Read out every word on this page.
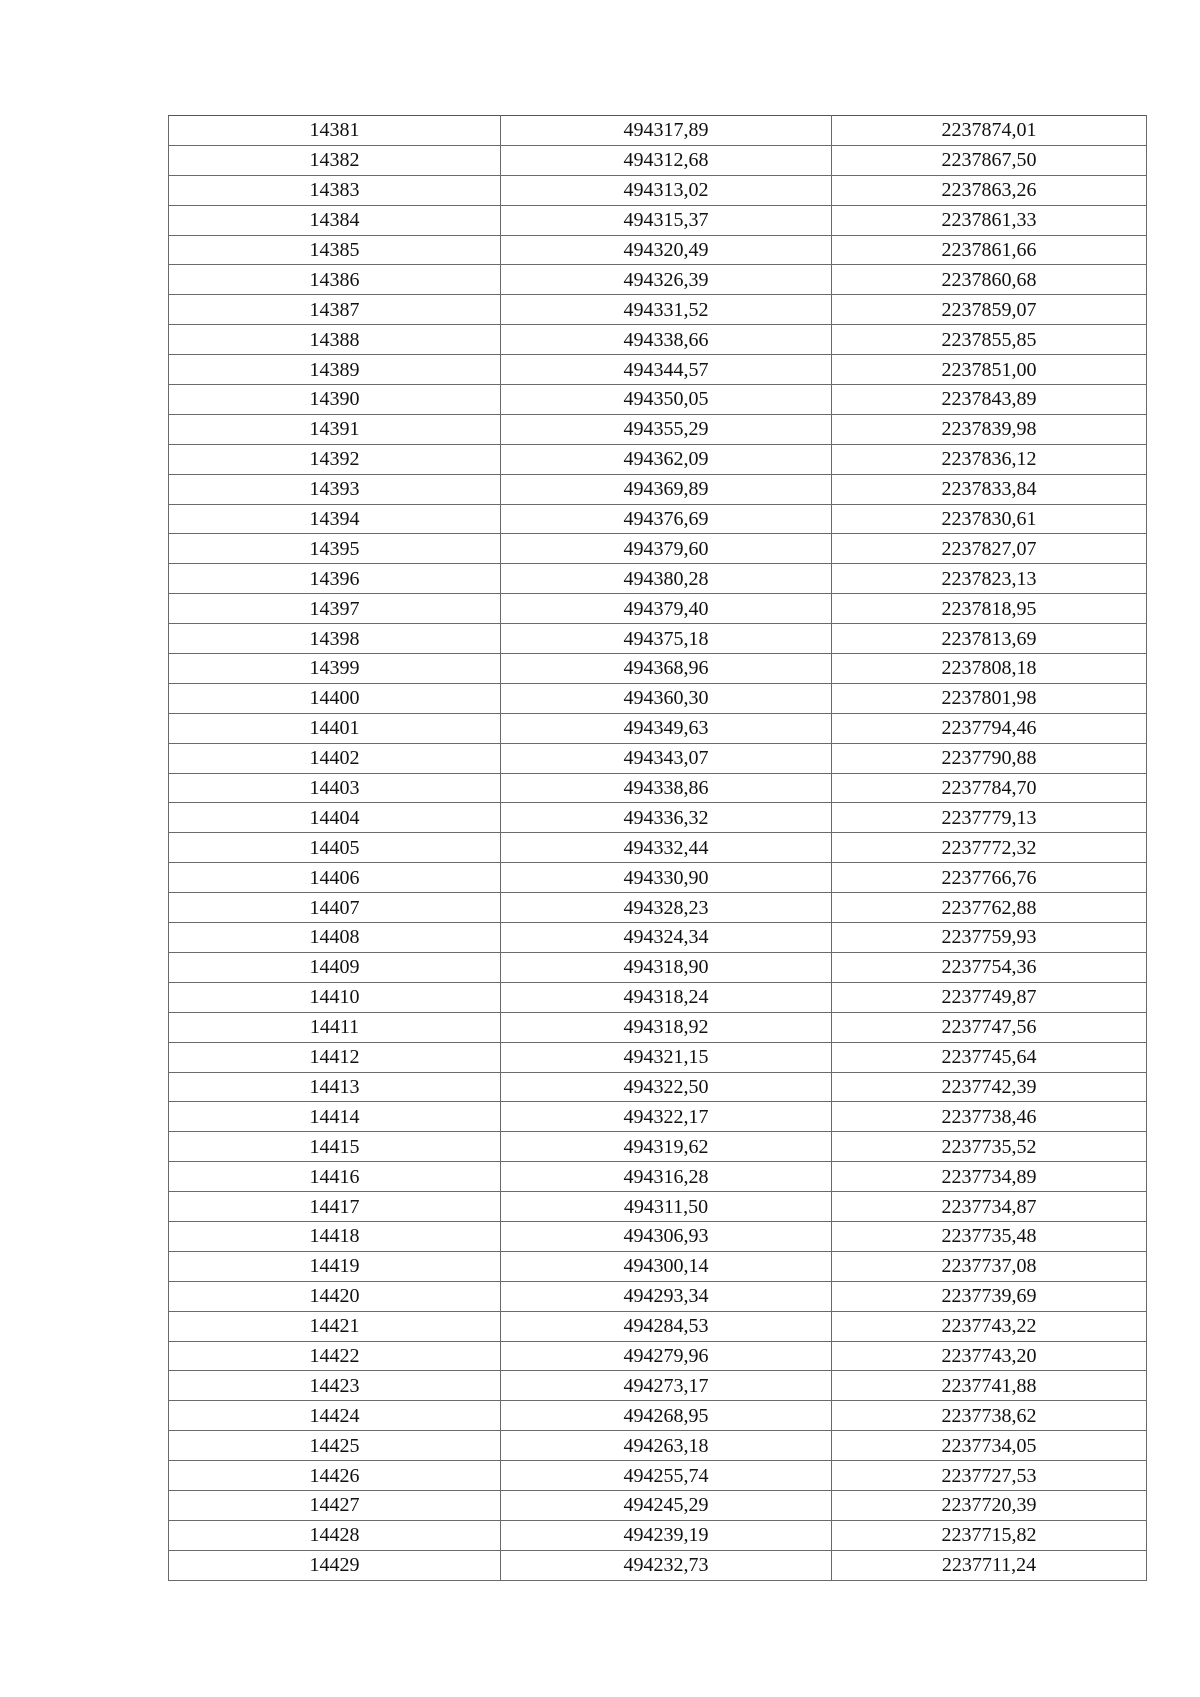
14381	494317,89	2237874,01
14382	494312,68	2237867,50
14383	494313,02	2237863,26
14384	494315,37	2237861,33
14385	494320,49	2237861,66
14386	494326,39	2237860,68
14387	494331,52	2237859,07
14388	494338,66	2237855,85
14389	494344,57	2237851,00
14390	494350,05	2237843,89
14391	494355,29	2237839,98
14392	494362,09	2237836,12
14393	494369,89	2237833,84
14394	494376,69	2237830,61
14395	494379,60	2237827,07
14396	494380,28	2237823,13
14397	494379,40	2237818,95
14398	494375,18	2237813,69
14399	494368,96	2237808,18
14400	494360,30	2237801,98
14401	494349,63	2237794,46
14402	494343,07	2237790,88
14403	494338,86	2237784,70
14404	494336,32	2237779,13
14405	494332,44	2237772,32
14406	494330,90	2237766,76
14407	494328,23	2237762,88
14408	494324,34	2237759,93
14409	494318,90	2237754,36
14410	494318,24	2237749,87
14411	494318,92	2237747,56
14412	494321,15	2237745,64
14413	494322,50	2237742,39
14414	494322,17	2237738,46
14415	494319,62	2237735,52
14416	494316,28	2237734,89
14417	494311,50	2237734,87
14418	494306,93	2237735,48
14419	494300,14	2237737,08
14420	494293,34	2237739,69
14421	494284,53	2237743,22
14422	494279,96	2237743,20
14423	494273,17	2237741,88
14424	494268,95	2237738,62
14425	494263,18	2237734,05
14426	494255,74	2237727,53
14427	494245,29	2237720,39
14428	494239,19	2237715,82
14429	494232,73	2237711,24
